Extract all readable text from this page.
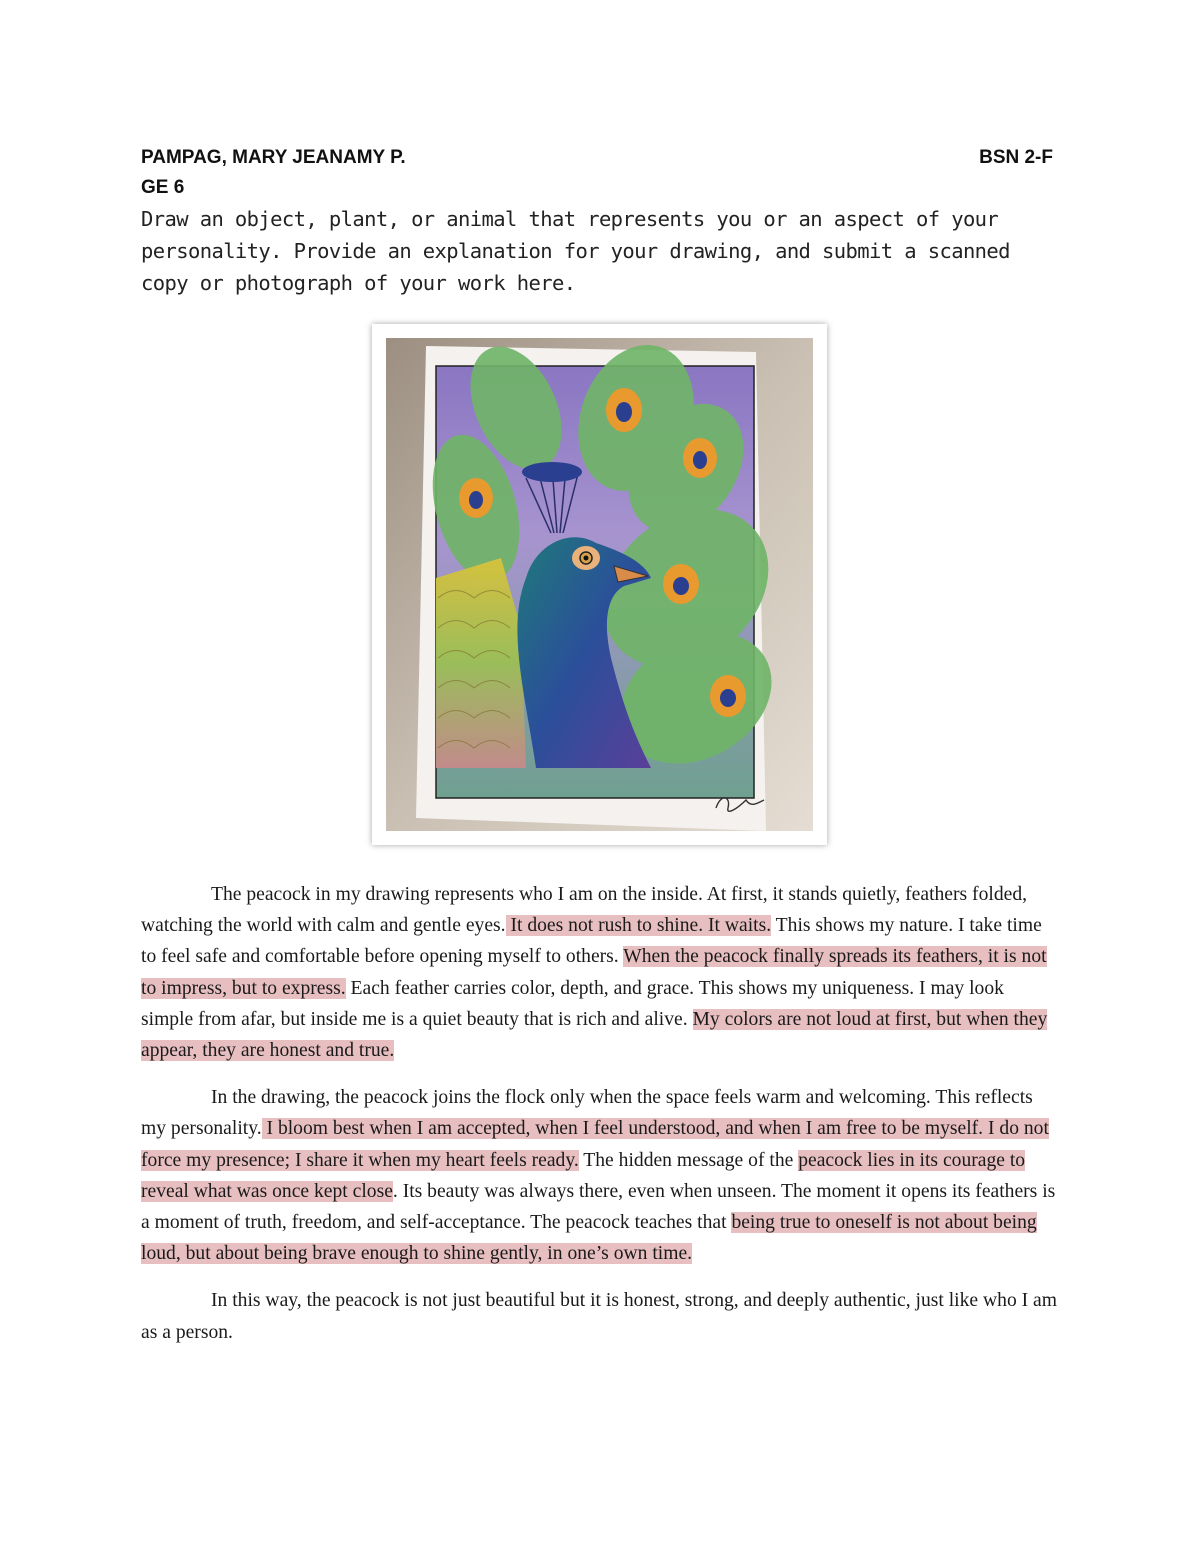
PAMPAG, MARY JEANAMY P.	BSN 2-F
GE 6
Draw an object, plant, or animal that represents you or an aspect of your personality. Provide an explanation for your drawing, and submit a scanned copy or photograph of your work here.

The peacock in my drawing represents who I am on the inside. At first, it stands quietly, feathers folded, watching the world with calm and gentle eyes. It does not rush to shine. It waits. This shows my nature. I take time to feel safe and comfortable before opening myself to others. When the peacock finally spreads its feathers, it is not to impress, but to express. Each feather carries color, depth, and grace. This shows my uniqueness. I may look simple from afar, but inside me is a quiet beauty that is rich and alive. My colors are not loud at first, but when they appear, they are honest and true.

In the drawing, the peacock joins the flock only when the space feels warm and welcoming. This reflects my personality. I bloom best when I am accepted, when I feel understood, and when I am free to be myself. I do not force my presence; I share it when my heart feels ready. The hidden message of the peacock lies in its courage to reveal what was once kept close. Its beauty was always there, even when unseen. The moment it opens its feathers is a moment of truth, freedom, and self-acceptance. The peacock teaches that being true to oneself is not about being loud, but about being brave enough to shine gently, in one’s own time.

In this way, the peacock is not just beautiful but it is honest, strong, and deeply authentic, just like who I am as a person.
